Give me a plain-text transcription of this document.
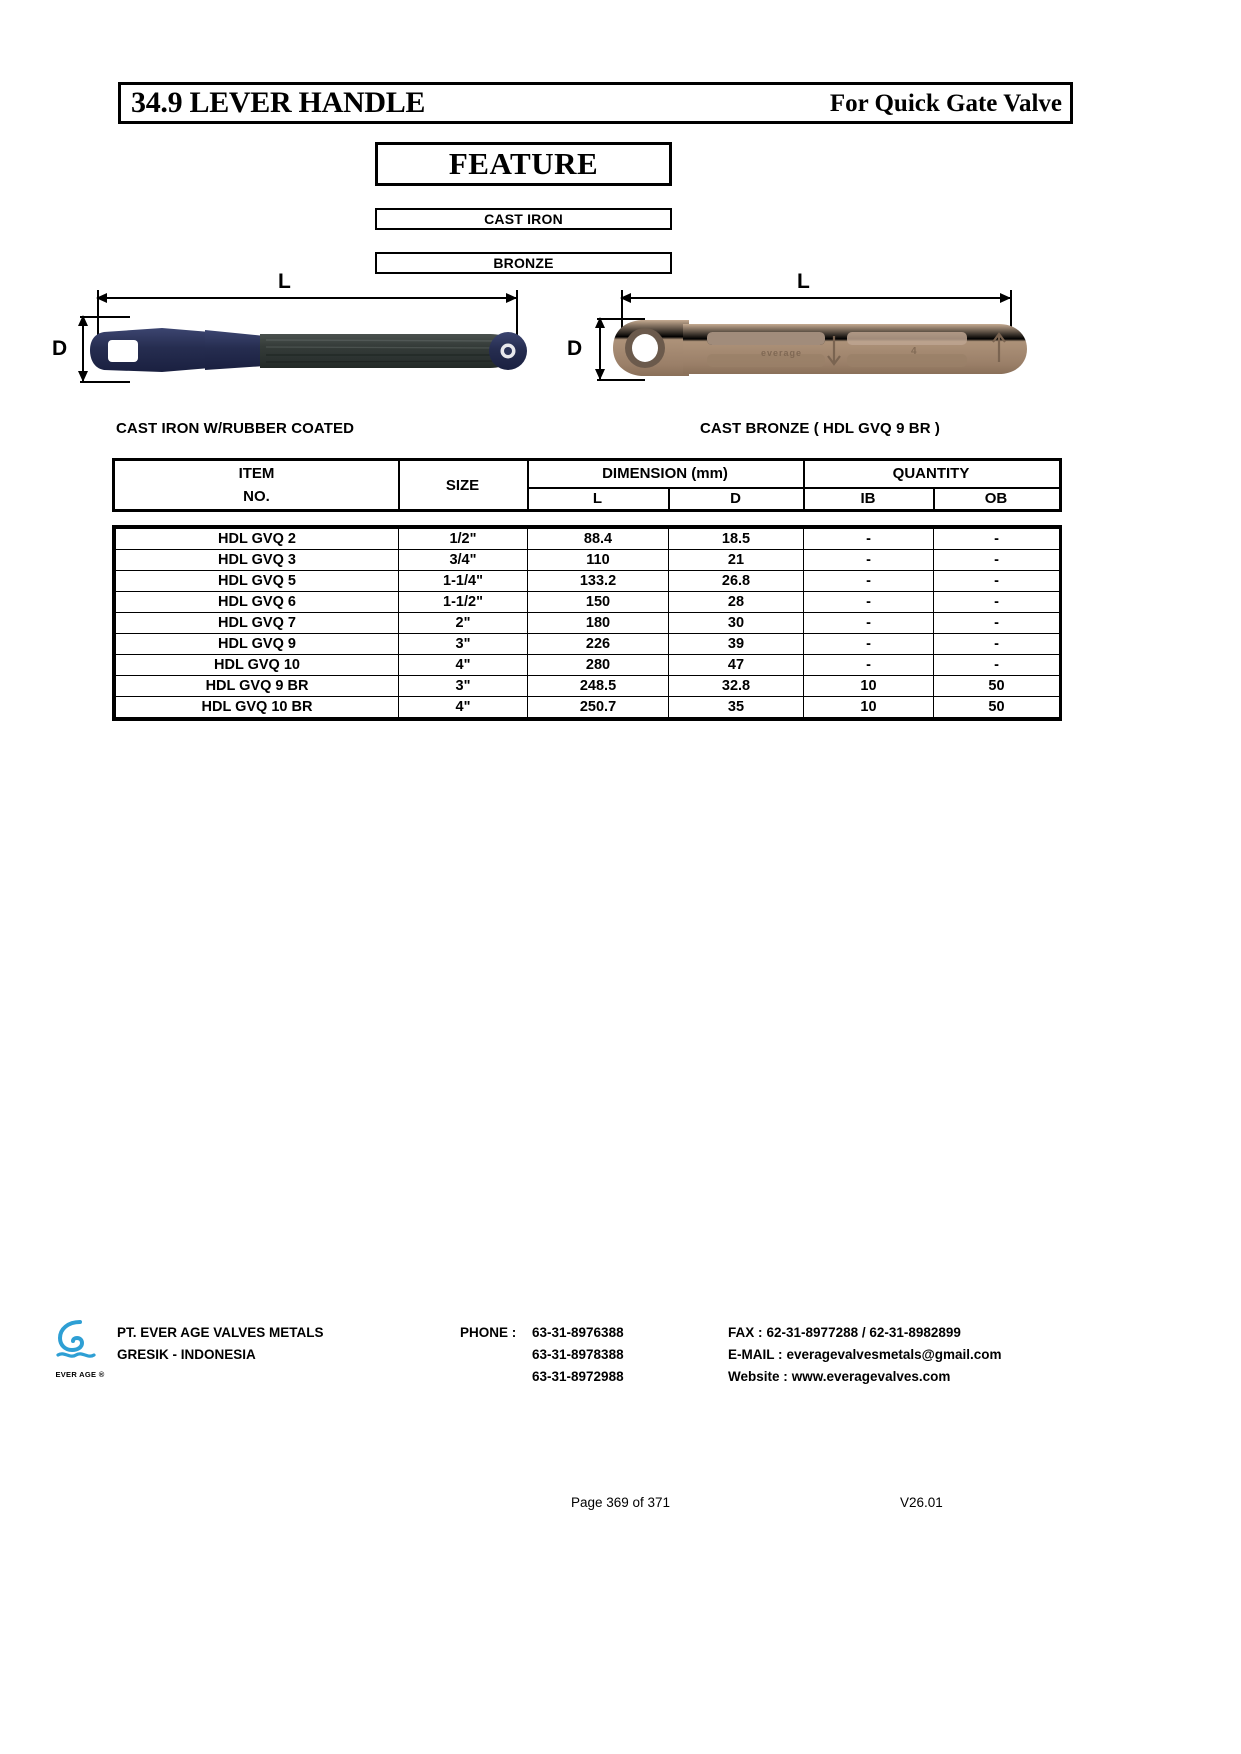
34.9 LEVER HANDLE	For Quick Gate Valve
FEATURE
CAST IRON
BRONZE
L
D
L
D	everage	4
CAST IRON W/RUBBER COATED	CAST BRONZE ( HDL GVQ 9 BR )
ITEM
NO.
SIZE
DIMENSION (mm)
L	D
QUANTITY
IB	OB
HDL GVQ 2	1/2"	88.4	18.5	-	-
HDL GVQ 3	3/4"	110	21	-	-
HDL GVQ 5	1-1/4"	133.2	26.8	-	-
HDL GVQ 6	1-1/2"	150	28	-	-
HDL GVQ 7	2"	180	30	-	-
HDL GVQ 9	3"	226	39	-	-
HDL GVQ 10	4"	280	47	-	-
HDL GVQ 9 BR	3"	248.5	32.8	10	50
HDL GVQ 10 BR	4"	250.7	35	10	50
EVER AGE ®
PT. EVER AGE VALVES METALS
GRESIK - INDONESIA
PHONE :	63-31-8976388
63-31-8978388
63-31-8972988
FAX : 62-31-8977288 / 62-31-8982899
E-MAIL : everagevalvesmetals@gmail.com
Website : www.everagevalves.com
Page 369 of 371	V26.01
